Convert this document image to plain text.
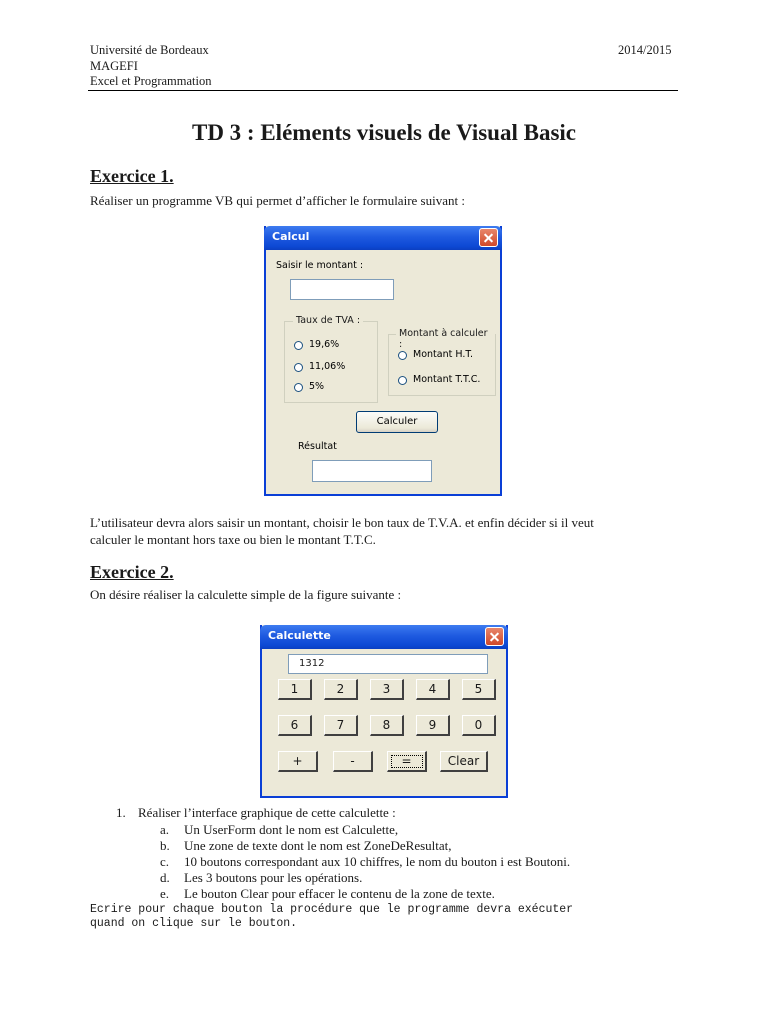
Université de Bordeaux
MAGEFI
Excel et Programmation
2014/2015
TD 3 : Eléments visuels de Visual Basic
Exercice 1.
Réaliser un programme VB qui permet d’afficher le formulaire suivant :
Calcul
Saisir le montant :
Taux de TVA :
19,6%
11,06%
5%
Montant à calculer :
Montant H.T.
Montant T.T.C.
Calculer
Résultat
L’utilisateur devra alors saisir un montant, choisir le bon taux de T.V.A. et enfin décider si il veut
calculer le montant hors taxe ou bien le montant T.T.C.
Exercice 2.
On désire réaliser la calculette simple de la figure suivante :
Calculette
1312
1	2	3	4	5
6	7	8	9	0
+	-	=	Clear
1. Réaliser l’interface graphique de cette calculette :
a. Un UserForm dont le nom est Calculette,
b. Une zone de texte dont le nom est ZoneDeResultat,
c. 10 boutons correspondant aux 10 chiffres, le nom du bouton i est Boutoni.
d. Les 3 boutons pour les opérations.
e. Le bouton Clear pour effacer le contenu de la zone de texte.
Ecrire pour chaque bouton la procédure que le programme devra exécuter
quand on clique sur le bouton.
